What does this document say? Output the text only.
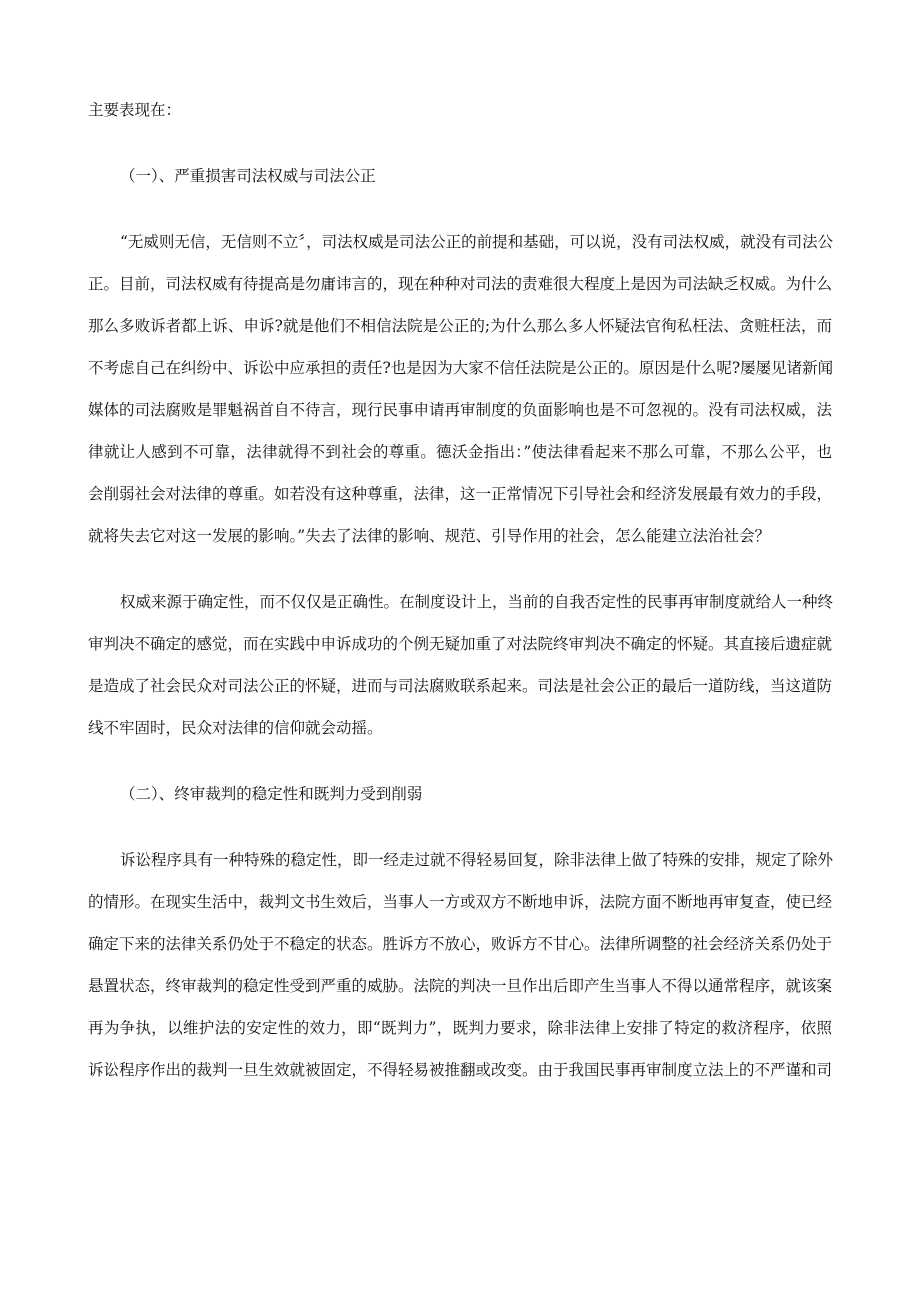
主要表现在：
（一）、严重损害司法权威与司法公正
“无威则无信，无信则不立〞，司法权威是司法公正的前提和基础，可以说，没有司法权威，就没有司法公
正。目前，司法权威有待提高是勿庸讳言的，现在种种对司法的责难很大程度上是因为司法缺乏权威。为什么
那么多败诉者都上诉、申诉?就是他们不相信法院是公正的;为什么那么多人怀疑法官徇私枉法、贪赃枉法，而
不考虑自己在纠纷中、诉讼中应承担的责任?也是因为大家不信任法院是公正的。原因是什么呢?屡屡见诸新闻
媒体的司法腐败是罪魁祸首自不待言，现行民事申请再审制度的负面影响也是不可忽视的。没有司法权威，法
律就让人感到不可靠，法律就得不到社会的尊重。德沃金指出：”使法律看起来不那么可靠，不那么公平，也
会削弱社会对法律的尊重。如若没有这种尊重，法律，这一正常情况下引导社会和经济发展最有效力的手段，
就将失去它对这一发展的影响。”失去了法律的影响、规范、引导作用的社会，怎么能建立法治社会？
权威来源于确定性，而不仅仅是正确性。在制度设计上，当前的自我否定性的民事再审制度就给人一种终
审判决不确定的感觉，而在实践中申诉成功的个例无疑加重了对法院终审判决不确定的怀疑。其直接后遗症就
是造成了社会民众对司法公正的怀疑，进而与司法腐败联系起来。司法是社会公正的最后一道防线，当这道防
线不牢固时，民众对法律的信仰就会动摇。
（二）、终审裁判的稳定性和既判力受到削弱
诉讼程序具有一种特殊的稳定性，即一经走过就不得轻易回复，除非法律上做了特殊的安排，规定了除外
的情形。在现实生活中，裁判文书生效后，当事人一方或双方不断地申诉，法院方面不断地再审复查，使已经
确定下来的法律关系仍处于不稳定的状态。胜诉方不放心，败诉方不甘心。法律所调整的社会经济关系仍处于
悬置状态，终审裁判的稳定性受到严重的威胁。法院的判决一旦作出后即产生当事人不得以通常程序，就该案
再为争执，以维护法的安定性的效力，即“既判力”，既判力要求，除非法律上安排了特定的救济程序，依照
诉讼程序作出的裁判一旦生效就被固定，不得轻易被推翻或改变。由于我国民事再审制度立法上的不严谨和司
